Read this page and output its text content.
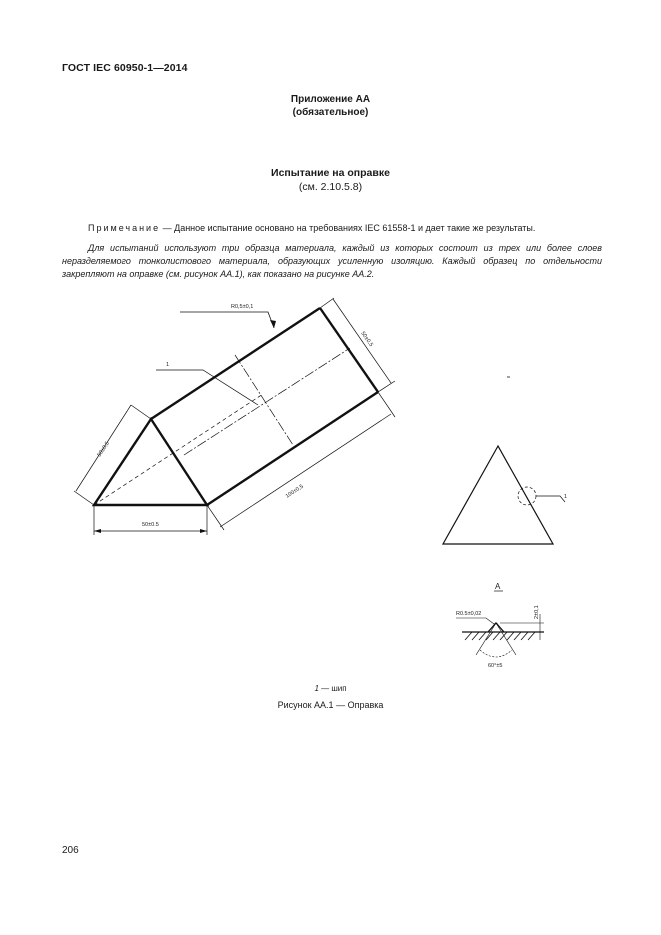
ГОСТ IEC 60950-1—2014
Приложение АА
(обязательное)
Испытание на оправке
(см. 2.10.5.8)
Примечание — Данное испытание основано на требованиях IEC 61558-1 и дает такие же результаты.
Для испытаний используют три образца материала, каждый из которых состоит из трех или более слоев неразделяемого тонколистового материала, образующих усиленную изоляцию. Каждый образец по отдельности закрепляют на оправке (см. рисунок АА.1), как показано на рисунке АА.2.
R0,5±0,1
50±0,5
100±0,5
50±0,5
50±0.5
1
1
A
2±0,1
R0.5±0,02
60°±5
1 — шип
Рисунок АА.1 — Оправка
206
